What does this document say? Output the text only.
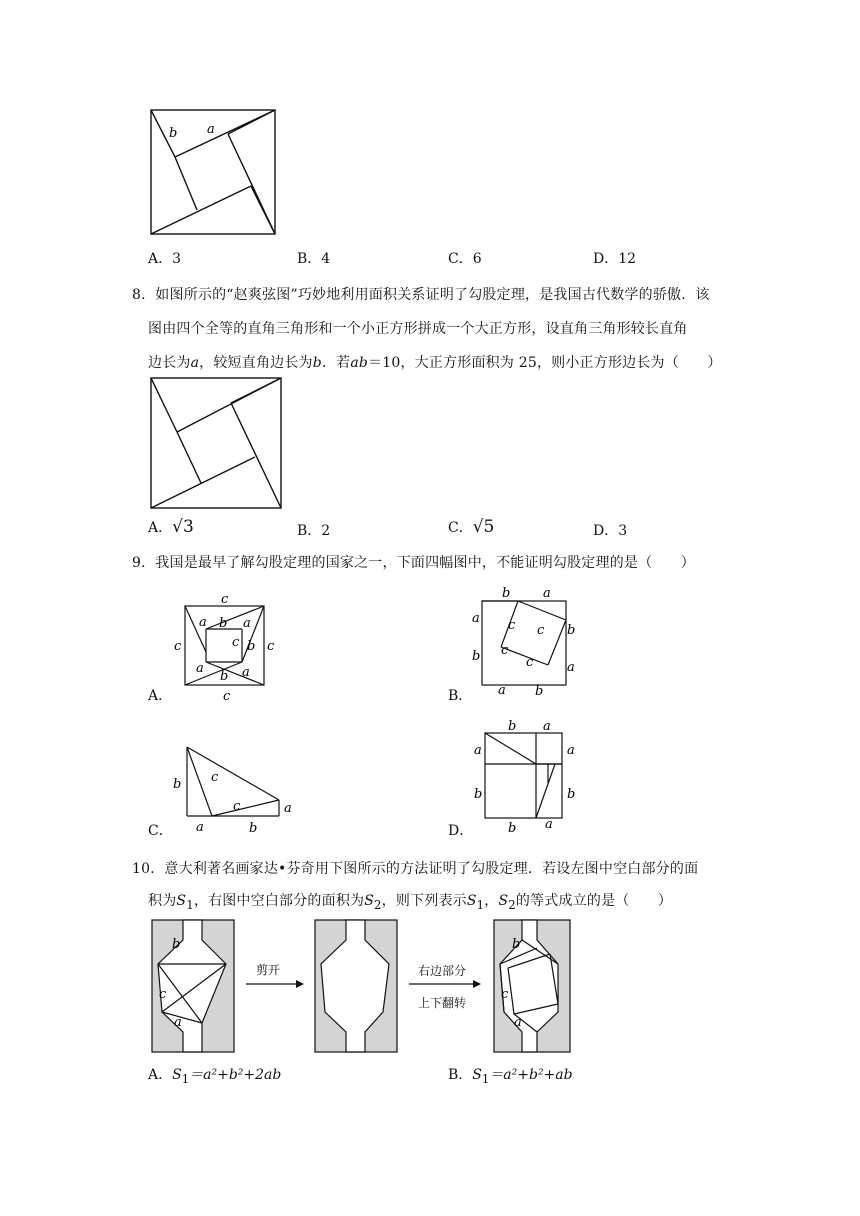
b a
A．3	B．4	C．6	D．12
8．如图所示的“赵爽弦图”巧妙地利用面积关系证明了勾股定理，是我国古代数学的骄傲．该
图由四个全等的直角三角形和一个小正方形拼成一个大正方形，设直角三角形较长直角
边长为a，较短直角边长为b．若ab＝10，大正方形面积为 25，则小正方形边长为（　　）
A．√3	B．2	C．√5	D．3
9．我国是最早了解勾股定理的国家之一，下面四幅图中，不能证明勾股定理的是（　　）
c
c	c
c
a b a
c b
a
b a
A．
b	a
a
b
b
a
a b
c c
c
c
B．
b c
c	a
a	b
C．
b a
a	a
b	b
b a
D．
10．意大利著名画家达•芬奇用下图所示的方法证明了勾股定理．若设左图中空白部分的面
积为$S_1$，右图中空白部分的面积为$S_2$，则下列表示$S_1$，$S_2$的等式成立的是（　　）
b
c
a
剪开	右边部分
上下翻转
b
c
a
A．$S_1=a^2+b^2+2ab$	B．$S_1=a^2+b^2+ab$
